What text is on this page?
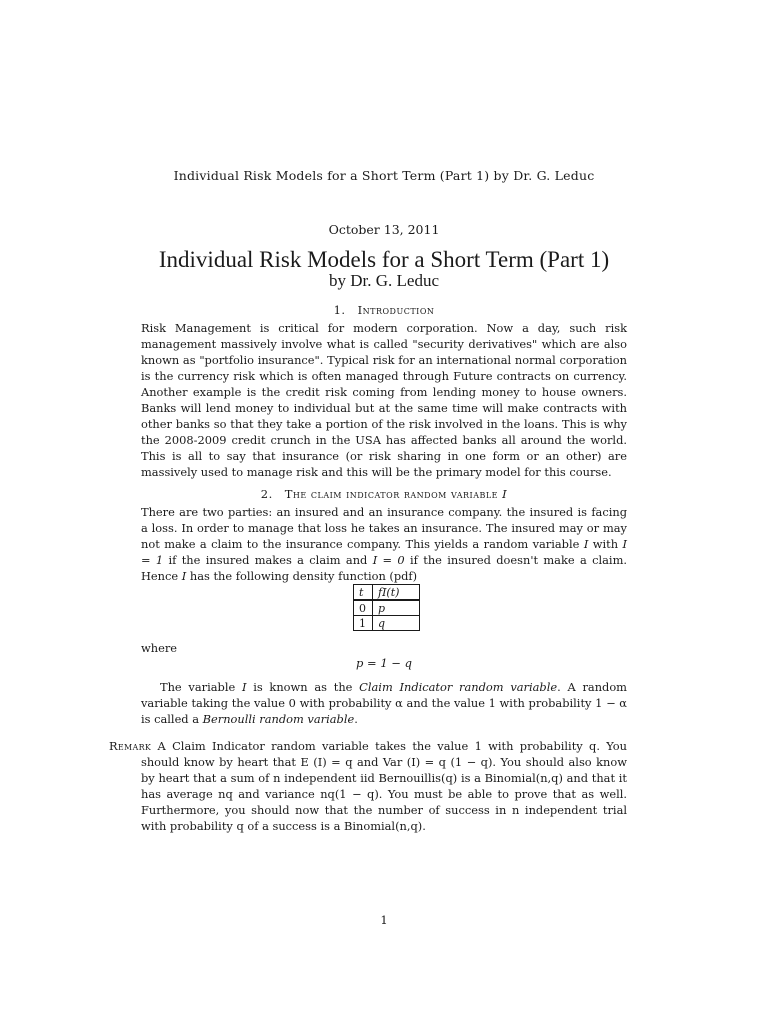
Individual Risk Models for a Short Term (Part 1) by Dr. G. Leduc
October 13, 2011
Individual Risk Models for a Short Term (Part 1)
by Dr. G. Leduc
1. Introduction

Risk Management is critical for modern corporation. Now a day, such risk management massively involve what is called "security derivatives" which are also known as "portfolio insurance". Typical risk for an international normal corporation is the currency risk which is often managed through Future contracts on currency. Another example is the credit risk coming from lending money to house owners. Banks will lend money to individual but at the same time will make contracts with other banks so that they take a portion of the risk involved in the loans. This is why the 2008-2009 credit crunch in the USA has affected banks all around the world. This is all to say that insurance (or risk sharing in one form or an other) are massively used to manage risk and this will be the primary model for this course.

2. The claim indicator random variable I

There are two parties: an insured and an insurance company. the insured is facing a loss. In order to manage that loss he takes an insurance. The insured may or may not make a claim to the insurance company. This yields a random variable I with I = 1 if the insured makes a claim and I = 0 if the insured doesn't make a claim. Hence I has the following density function (pdf)

t	fI(t)
0	p
1	q
where
p = 1 − q

The variable I is known as the Claim Indicator random variable. A random variable taking the value 0 with probability α and the value 1 with probability 1 − α is called a Bernoulli random variable.

Remark A Claim Indicator random variable takes the value 1 with probability q. You should know by heart that E (I) = q and Var (I) = q (1 − q). You should also know by heart that a sum of n independent iid Bernouillis(q) is a Binomial(n,q) and that it has average nq and variance nq(1 − q). You must be able to prove that as well. Furthermore, you should now that the number of success in n independent trial with probability q of a success is a Binomial(n,q).

1
